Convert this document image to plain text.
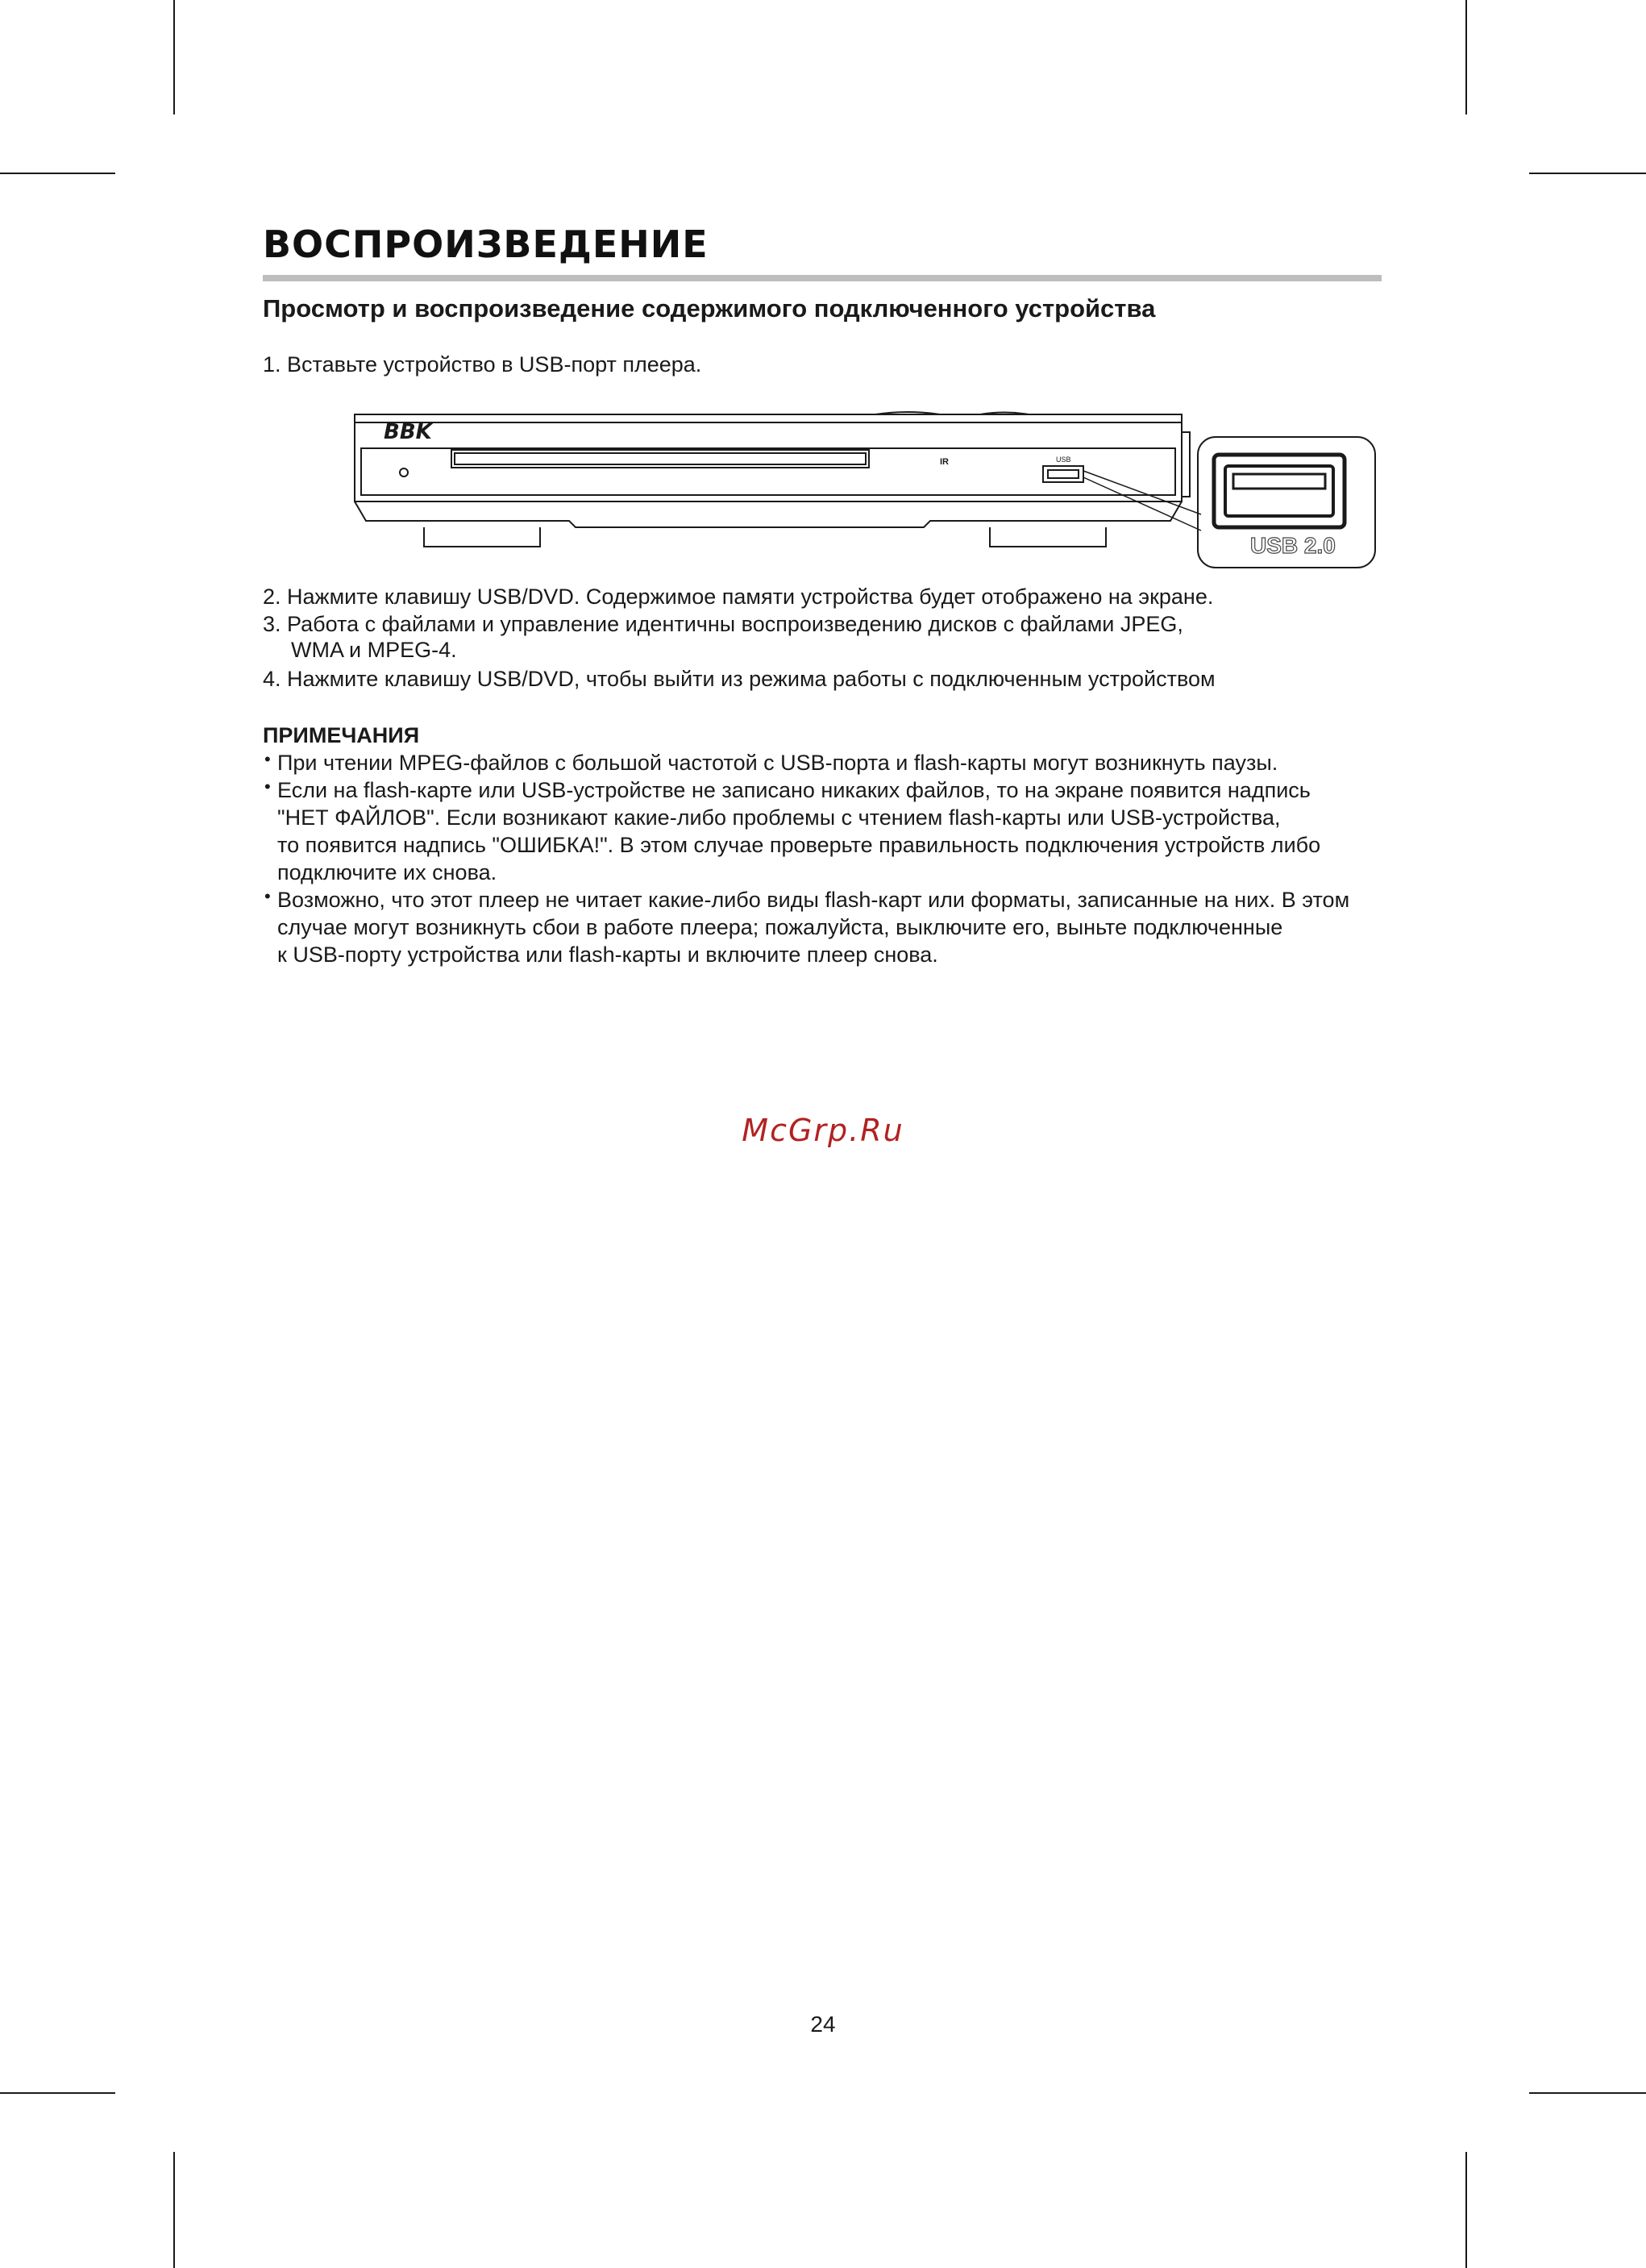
ВОСПРОИЗВЕДЕНИЕ
Просмотр и воспроизведение содержимого подключенного устройства
1. Вставьте устройство в USB-порт плеера.
BBK
IR	USB
USB 2.0
2. Нажмите клавишу USB/DVD. Содержимое памяти устройства будет отображено на экране.
3. Работа с файлами и управление идентичны воспроизведению дисков с файлами JPEG,
WMA и MPEG-4.
4. Нажмите клавишу USB/DVD, чтобы выйти из режима работы с подключенным устройством
ПРИМЕЧАНИЯ
• При чтении MPEG-файлов с большой частотой с USB-порта и flash-карты могут возникнуть паузы.
• Если на flash-карте или USB-устройстве не записано никаких файлов, то на экране появится надпись
"НЕТ ФАЙЛОВ". Если возникают какие-либо проблемы с чтением flash-карты или USB-устройства,
то появится надпись "ОШИБКА!". В этом случае проверьте правильность подключения устройств либо
подключите их снова.
• Возможно, что этот плеер не читает какие-либо виды flash-карт или форматы, записанные на них. В этом
случае могут возникнуть сбои в работе плеера; пожалуйста, выключите его, выньте подключенные
к USB-порту устройства или flash-карты и включите плеер снова.
McGrp.Ru
24
